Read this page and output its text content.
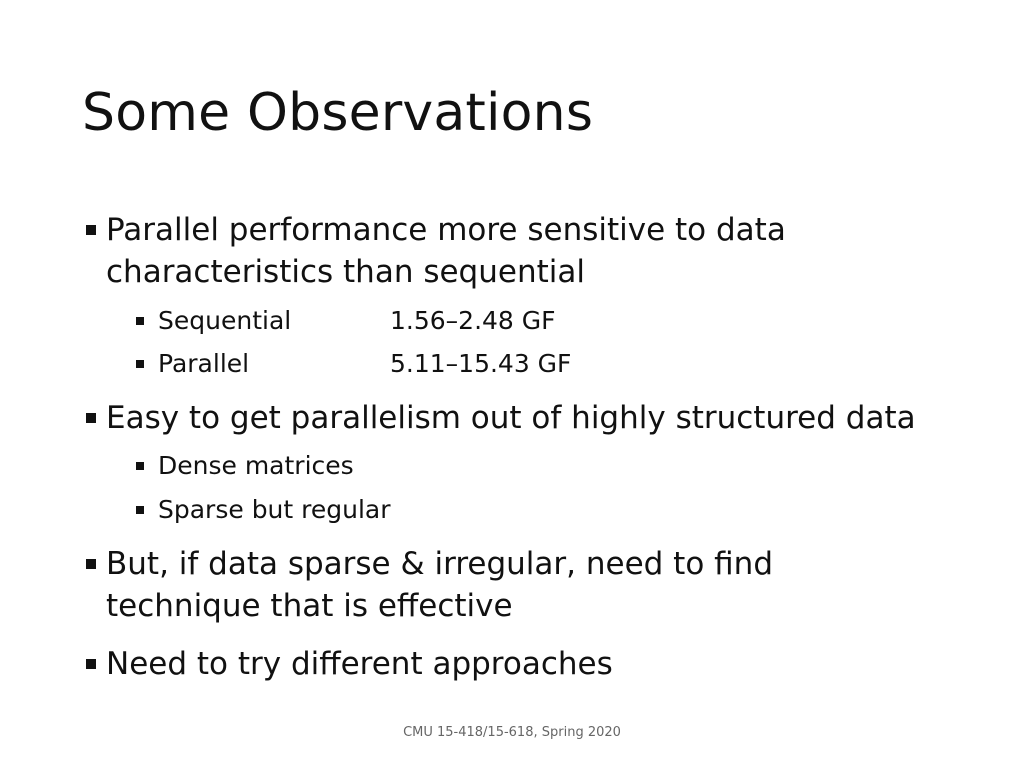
Some Observations

Parallel performance more sensitive to data characteristics than sequential

Sequential	1.56–2.48 GF

Parallel	5.11–15.43 GF

Easy to get parallelism out of highly structured data

Dense matrices

Sparse but regular

But, if data sparse & irregular, need to find technique that is effective

Need to try different approaches

CMU 15-418/15-618, Spring 2020
